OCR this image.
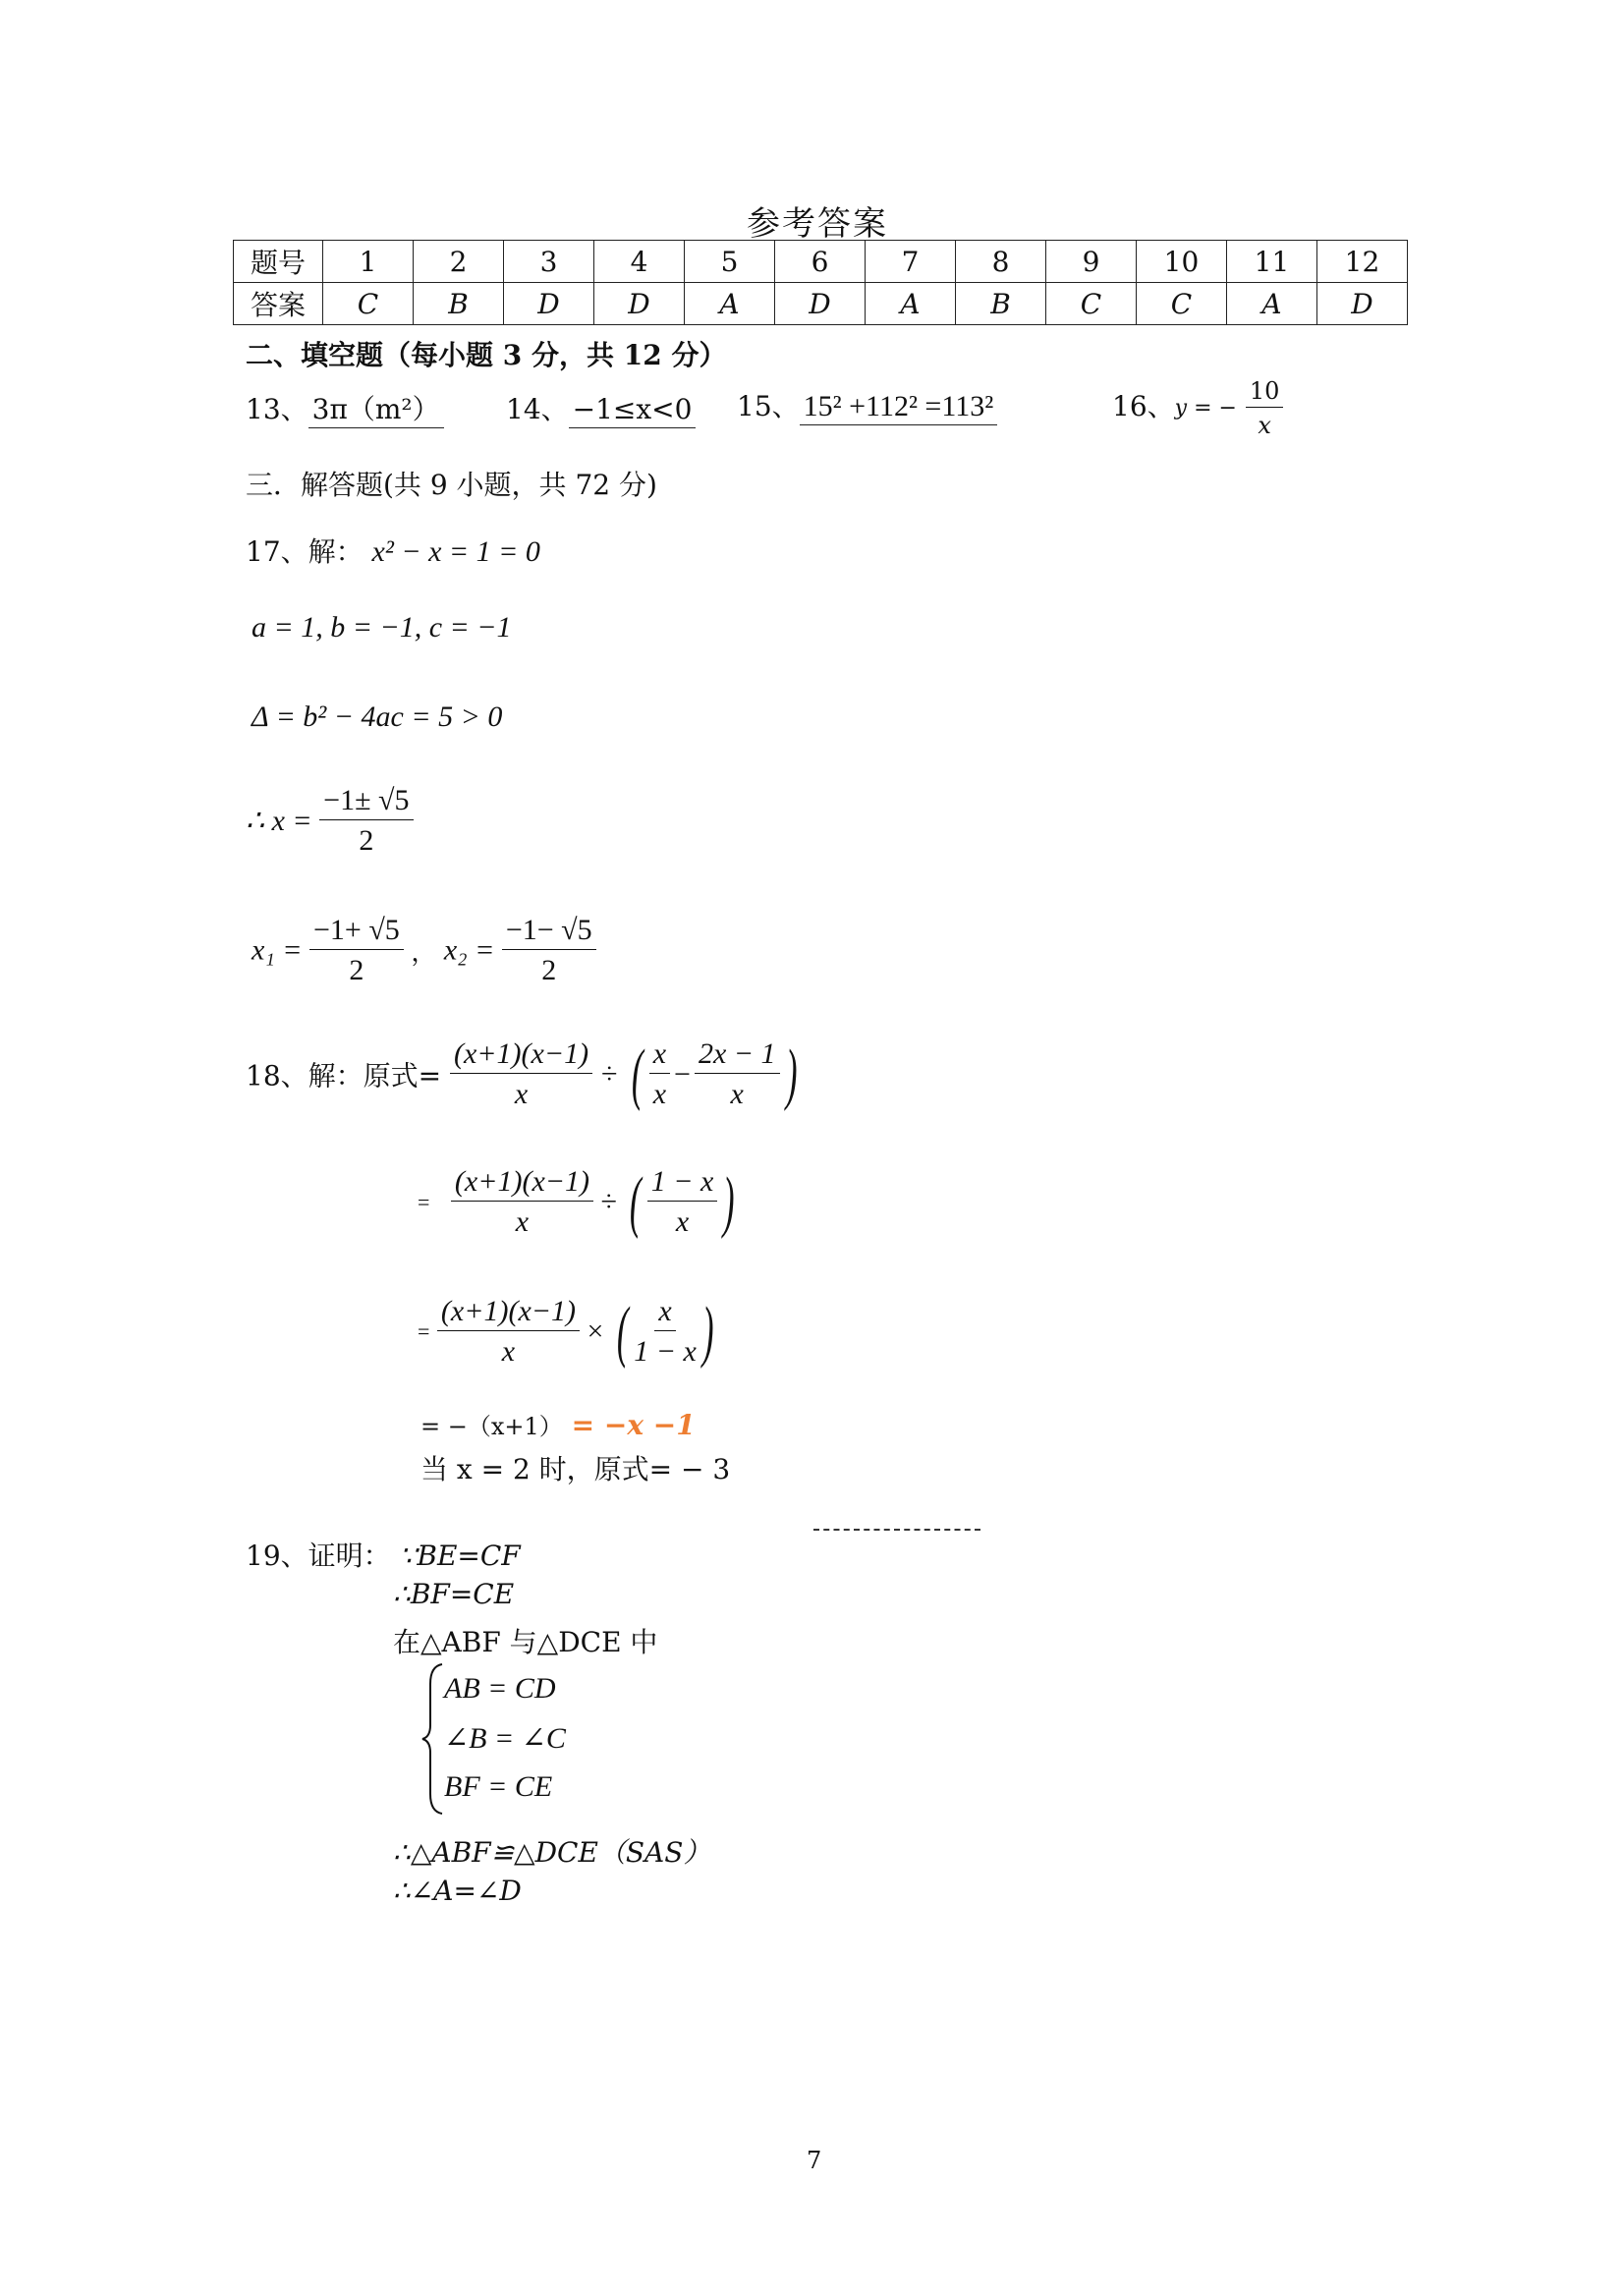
参考答案
题号	1	2	3	4	5	6	7	8	9	10	11	12
答案	C	B	D	D	A	D	A	B	C	C	A	D
二、填空题（每小题 3 分，共 12 分）
13、 3π（m²） 14、 −1≤x<0 15、 15² +112² =113²	16、y = − $\frac{10}{x}$
三．解答题(共 9 小题，共 72 分)
17、解： x² − x = 1 = 0
a = 1, b = −1, c = −1
Δ = b² − 4ac = 5 > 0
∴ $x = \frac{-1\pm √5}{2}$
$x_1 = \frac{-1+ √5}{2}$ ， $x_2 = \frac{-1- √5}{2}$
18、解：原式= $\frac{(x+1)(x-1)}{x}$ ÷ ( $\frac{x}{x} - \frac{2x - 1}{x}$ )
= $\frac{(x+1)(x-1)}{x}$ ÷ ( $\frac{1 - x}{x}$ )
= $\frac{(x+1)(x-1)}{x}$ × ( $\frac{x}{1 - x}$ )
= −（x+1） = −x −1
当 x = 2 时，原式= − 3
19、证明： ∵BE=CF
∴BF=CE
在△ABF 与△DCE 中
AB = CD
∠B = ∠C
BF = CE
∴△ABF≌△DCE（SAS）
∴∠A=∠D
7
